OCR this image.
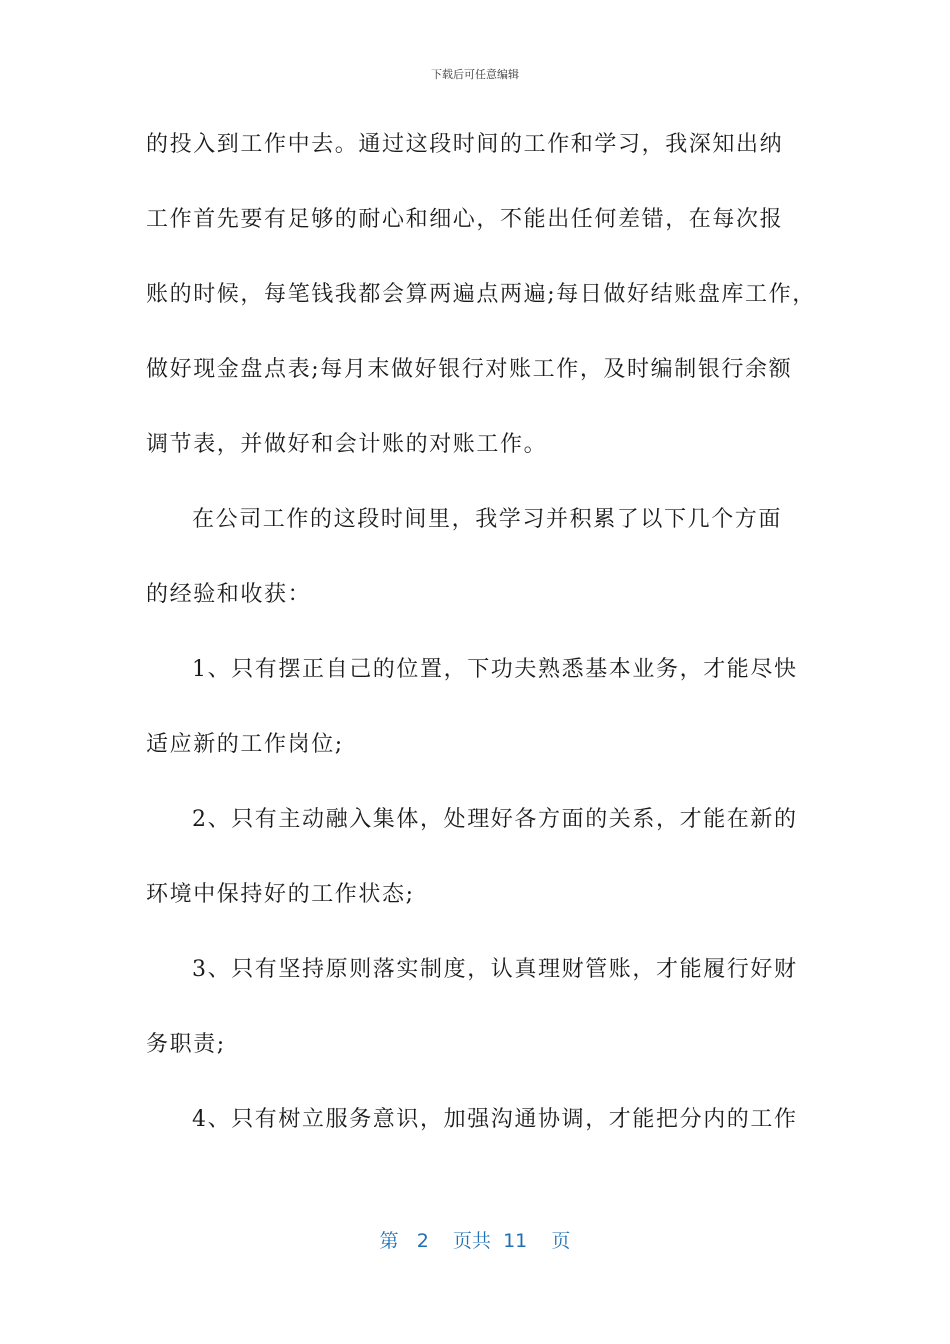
下载后可任意编辑
的投入到工作中去。通过这段时间的工作和学习，我深知出纳
工作首先要有足够的耐心和细心，不能出任何差错，在每次报
账的时候，每笔钱我都会算两遍点两遍;每日做好结账盘库工作，
做好现金盘点表;每月末做好银行对账工作，及时编制银行余额
调节表，并做好和会计账的对账工作。
在公司工作的这段时间里，我学习并积累了以下几个方面
的经验和收获：
1、只有摆正自己的位置，下功夫熟悉基本业务，才能尽快
适应新的工作岗位;
2、只有主动融入集体，处理好各方面的关系，才能在新的
环境中保持好的工作状态;
3、只有坚持原则落实制度，认真理财管账，才能履行好财
务职责;
4、只有树立服务意识，加强沟通协调，才能把分内的工作
第 2 页共 11 页
